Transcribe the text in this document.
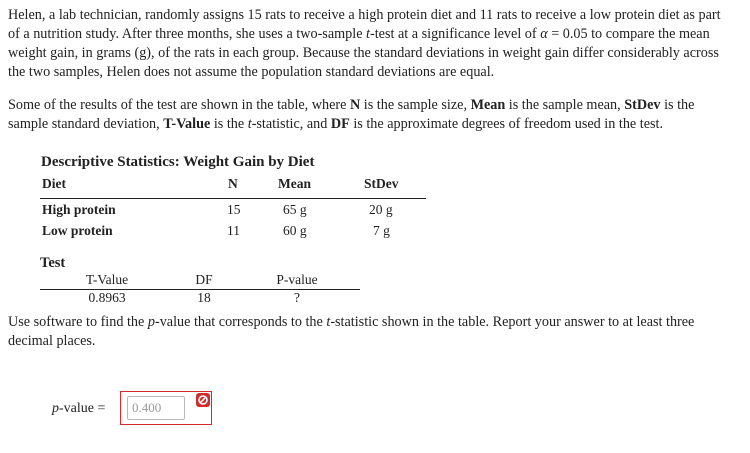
Helen, a lab technician, randomly assigns 15 rats to receive a high protein diet and 11 rats to receive a low protein diet as part of a nutrition study. After three months, she uses a two-sample t-test at a significance level of α = 0.05 to compare the mean weight gain, in grams (g), of the rats in each group. Because the standard deviations in weight gain differ considerably across the two samples, Helen does not assume the population standard deviations are equal.

Some of the results of the test are shown in the table, where N is the sample size, Mean is the sample mean, StDev is the sample standard deviation, T-Value is the t-statistic, and DF is the approximate degrees of freedom used in the test.

Descriptive Statistics: Weight Gain by Diet
Diet	N	Mean	StDev
High protein	15	65 g	20 g
Low protein	11	60 g	7 g
Test
T-Value	DF	P-value
0.8963	18	?

Use software to find the p-value that corresponds to the t-statistic shown in the table. Report your answer to at least three decimal places.

p-value =
0.400
